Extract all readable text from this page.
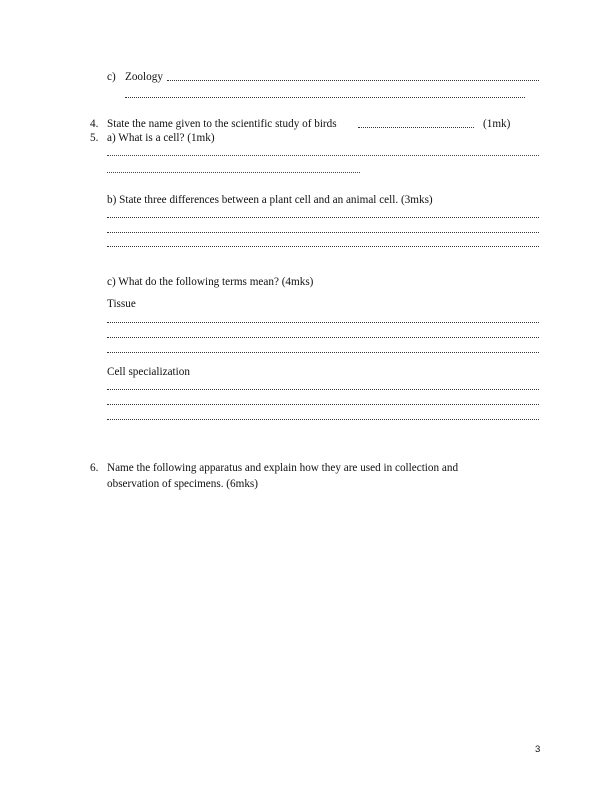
c) Zoology
4. State the name given to the scientific study of birds	(1mk)
5. a) What is a cell? (1mk)
b) State three differences between a plant cell and an animal cell. (3mks)
c) What do the following terms mean? (4mks)
Tissue
Cell specialization
6. Name the following apparatus and explain how they are used in collection and
observation of specimens. (6mks)
3
